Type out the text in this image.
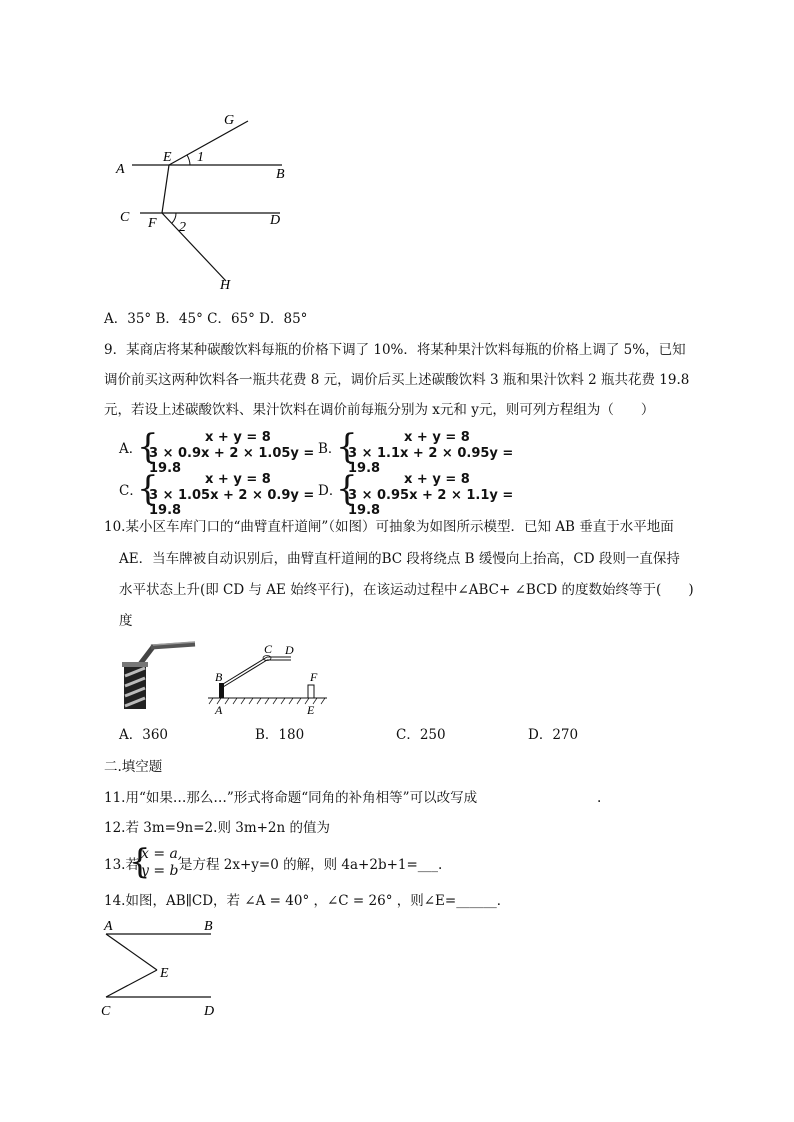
G
E 1
A	B
C F 2	D
H
A．35° B．45° C．65° D．85°
9．某商店将某种碳酸饮料每瓶的价格下调了 10%．将某种果汁饮料每瓶的价格上调了 5%，已知
调价前买这两种饮料各一瓶共花费 8 元，调价后买上述碳酸饮料 3 瓶和果汁饮料 2 瓶共花费 19.8
元，若设上述碳酸饮料、果汁饮料在调价前每瓶分别为 x元和 y元，则可列方程组为（　　）
A．
{	x + y = 8
3 × 0.9x + 2 × 1.05y = 19.8
B．
{	x + y = 8
3 × 1.1x + 2 × 0.95y = 19.8
C．
{	x + y = 8
3 × 1.05x + 2 × 0.9y = 19.8
D．
{	x + y = 8
3 × 0.95x + 2 × 1.1y = 19.8
10.某小区车库门口的“曲臂直杆道闸”（如图）可抽象为如图所示模型．已知 AB 垂直于水平地面
AE．当车牌被自动识别后，曲臂直杆道闸的BC 段将绕点 B 缓慢向上抬高，CD 段则一直保持
水平状态上升(即 CD 与 AE 始终平行)，在该运动过程中∠ABC+ ∠BCD 的度数始终等于(　　)
度
B
C D
F
A	E
A．360	B．180	C．250	D．270
二.填空题
11.用“如果…那么…”形式将命题“同角的补角相等”可以改写成	.
12.若 3m=9n=2.则 3m+2n 的值为
13.若
{
x = a,
y = b 是方程 2x+y=0 的解，则 4a+2b+1=___.
14.如图，AB∥CD，若 ∠A = 40° ，∠C = 26° ，则∠E=______．
A	B
E
C	D
